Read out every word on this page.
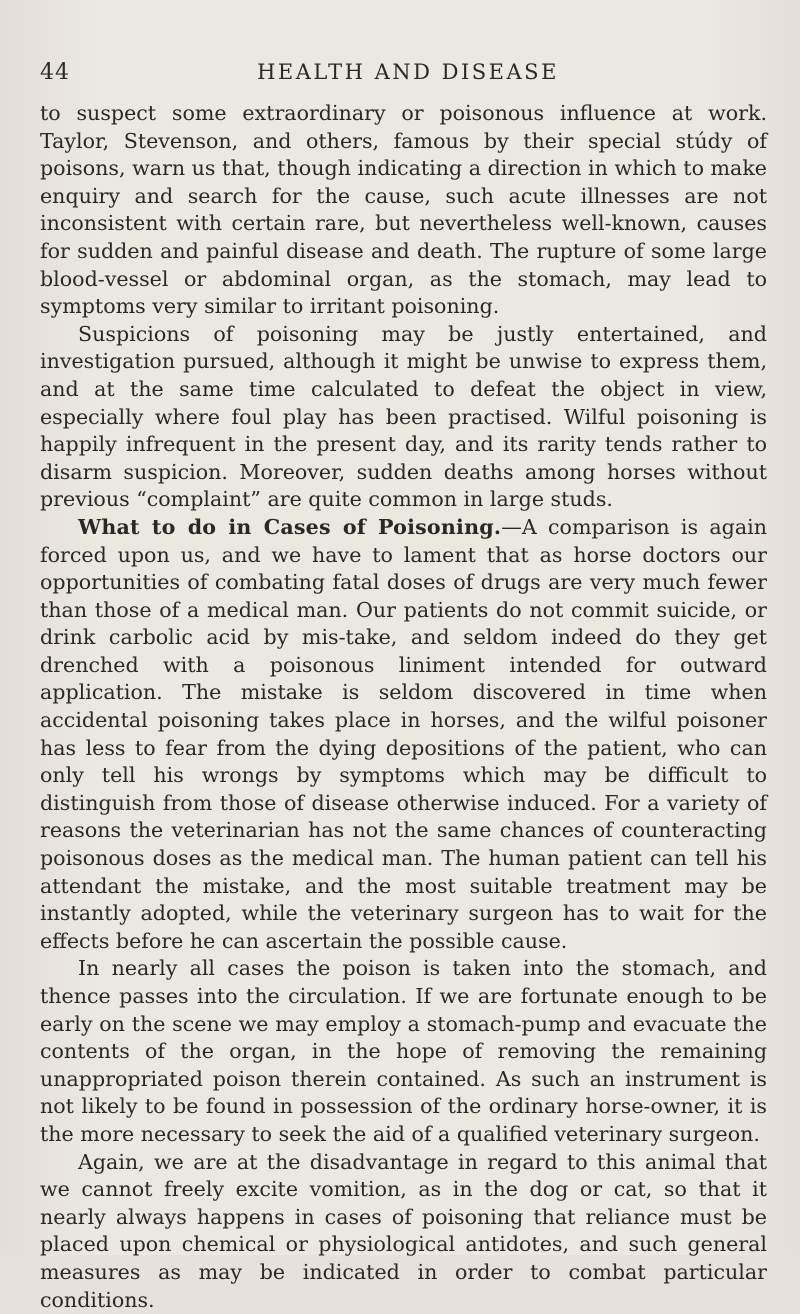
44	HEALTH AND DISEASE

to suspect some extraordinary or poisonous influence at work. Taylor, Stevenson, and others, famous by their special stúdy of poisons, warn us that, though indicating a direction in which to make enquiry and search for the cause, such acute illnesses are not inconsistent with certain rare, but nevertheless well-known, causes for sudden and painful disease and death. The rupture of some large blood-vessel or abdominal organ, as the stomach, may lead to symptoms very similar to irritant poisoning.

Suspicions of poisoning may be justly entertained, and investigation pursued, although it might be unwise to express them, and at the same time calculated to defeat the object in view, especially where foul play has been practised. Wilful poisoning is happily infrequent in the present day, and its rarity tends rather to disarm suspicion. Moreover, sudden deaths among horses without previous “complaint” are quite common in large studs.

What to do in Cases of Poisoning.—A comparison is again forced upon us, and we have to lament that as horse doctors our opportunities of combating fatal doses of drugs are very much fewer than those of a medical man. Our patients do not commit suicide, or drink carbolic acid by mis-take, and seldom indeed do they get drenched with a poisonous liniment intended for outward application. The mistake is seldom discovered in time when accidental poisoning takes place in horses, and the wilful poisoner has less to fear from the dying depositions of the patient, who can only tell his wrongs by symptoms which may be difficult to distinguish from those of disease otherwise induced. For a variety of reasons the veterinarian has not the same chances of counteracting poisonous doses as the medical man. The human patient can tell his attendant the mistake, and the most suitable treatment may be instantly adopted, while the veterinary surgeon has to wait for the effects before he can ascertain the possible cause.

In nearly all cases the poison is taken into the stomach, and thence passes into the circulation. If we are fortunate enough to be early on the scene we may employ a stomach-pump and evacuate the contents of the organ, in the hope of removing the remaining unappropriated poison therein contained. As such an instrument is not likely to be found in possession of the ordinary horse-owner, it is the more necessary to seek the aid of a qualified veterinary surgeon.

Again, we are at the disadvantage in regard to this animal that we cannot freely excite vomition, as in the dog or cat, so that it nearly always happens in cases of poisoning that reliance must be placed upon chemical or physiological antidotes, and such general measures as may be indicated in order to combat particular conditions.
